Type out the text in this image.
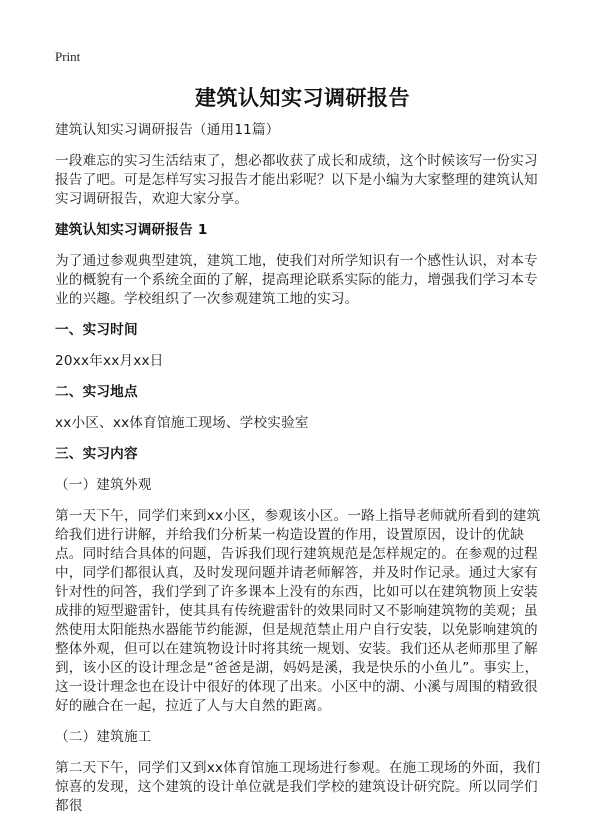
Print
建筑认知实习调研报告

建筑认知实习调研报告（通用11篇）

一段难忘的实习生活结束了，想必都收获了成长和成绩，这个时候该写一份实习报告了吧。可是怎样写实习报告才能出彩呢？以下是小编为大家整理的建筑认知实习调研报告，欢迎大家分享。

建筑认知实习调研报告 1

为了通过参观典型建筑，建筑工地，使我们对所学知识有一个感性认识，对本专业的概貌有一个系统全面的了解，提高理论联系实际的能力，增强我们学习本专业的兴趣。学校组织了一次参观建筑工地的实习。

一、实习时间

20xx年xx月xx日

二、实习地点

xx小区、xx体育馆施工现场、学校实验室

三、实习内容

（一）建筑外观

第一天下午，同学们来到xx小区，参观该小区。一路上指导老师就所看到的建筑给我们进行讲解，并给我们分析某一构造设置的作用，设置原因，设计的优缺点。同时结合具体的问题，告诉我们现行建筑规范是怎样规定的。在参观的过程中，同学们都很认真，及时发现问题并请老师解答，并及时作记录。通过大家有针对性的问答，我们学到了许多课本上没有的东西，比如可以在建筑物顶上安装成排的短型避雷针，使其具有传统避雷针的效果同时又不影响建筑物的美观；虽然使用太阳能热水器能节约能源，但是规范禁止用户自行安装，以免影响建筑的整体外观，但可以在建筑物设计时将其统一规划、安装。我们还从老师那里了解到，该小区的设计理念是“爸爸是湖，妈妈是溪，我是快乐的小鱼儿”。事实上，这一设计理念也在设计中很好的体现了出来。小区中的湖、小溪与周围的精致很好的融合在一起，拉近了人与大自然的距离。

（二）建筑施工

第二天下午，同学们又到xx体育馆施工现场进行参观。在施工现场的外面，我们惊喜的发现，这个建筑的设计单位就是我们学校的建筑设计研究院。所以同学们都很
